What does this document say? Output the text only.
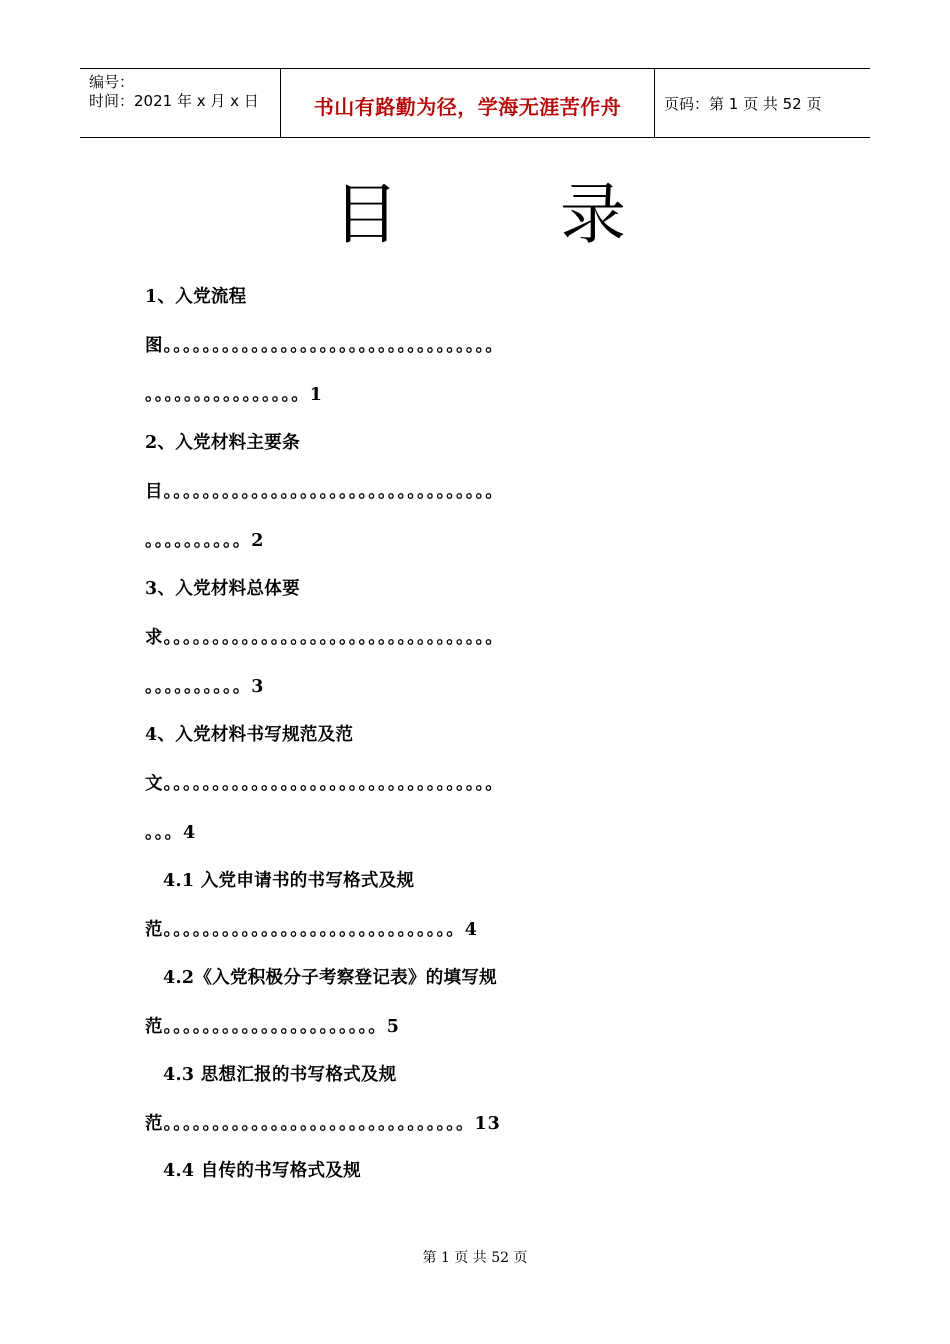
编号：
时间：2021 年 x 月 x 日	书山有路勤为径，学海无涯苦作舟	页码：第 1 页 共 52 页
目 录
1、入党流程
图。。。。。。。。。。。。。。。。。。。。。。。。。。。。。。。。。。
。。。。。。。。。。。。。。。。1
2、入党材料主要条
目。。。。。。。。。。。。。。。。。。。。。。。。。。。。。。。。。。
。。。。。。。。。。2
3、入党材料总体要
求。。。。。。。。。。。。。。。。。。。。。。。。。。。。。。。。。。
。。。。。。。。。。3
4、入党材料书写规范及范
文。。。。。。。。。。。。。。。。。。。。。。。。。。。。。。。。。。
。。。4
4.1 入党申请书的书写格式及规
范。。。。。。。。。。。。。。。。。。。。。。。。。。。。。。4
4.2《入党积极分子考察登记表》的填写规
范。。。。。。。。。。。。。。。。。。。。。。5
4.3 思想汇报的书写格式及规
范。。。。。。。。。。。。。。。。。。。。。。。。。。。。。。。13
4.4 自传的书写格式及规
第 1 页 共 52 页
